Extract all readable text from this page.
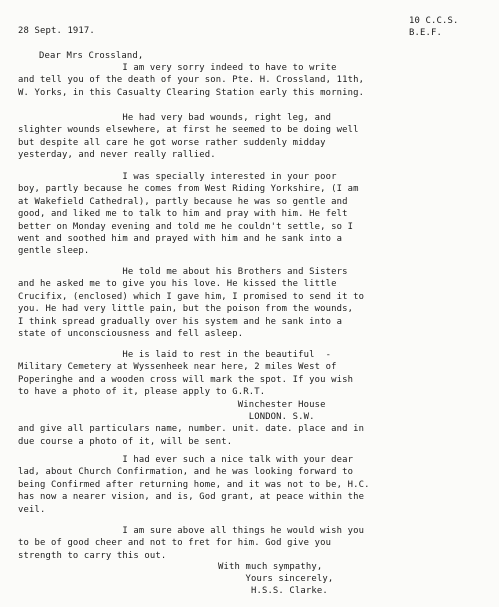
28 Sept. 1917.
10 C.C.S.
B.E.F.
Dear Mrs Crossland,
I am very sorry indeed to have to write
and tell you of the death of your son. Pte. H. Crossland, 11th,
W. Yorks, in this Casualty Clearing Station early this morning.
He had very bad wounds, right leg, and
slighter wounds elsewhere, at first he seemed to be doing well
but despite all care he got worse rather suddenly midday
yesterday, and never really rallied.
I was specially interested in your poor
boy, partly because he comes from West Riding Yorkshire, (I am
at Wakefield Cathedral), partly because he was so gentle and
good, and liked me to talk to him and pray with him. He felt
better on Monday evening and told me he couldn't settle, so I
went and soothed him and prayed with him and he sank into a
gentle sleep.
He told me about his Brothers and Sisters
and he asked me to give you his love. He kissed the little
Crucifix, (enclosed) which I gave him, I promised to send it to
you. He had very little pain, but the poison from the wounds,
I think spread gradually over his system and he sank into a
state of unconsciousness and fell asleep.
He is laid to rest in the beautiful  -
Military Cemetery at Wyssenheek near here, 2 miles West of
Poperinghe and a wooden cross will mark the spot. If you wish
to have a photo of it, please apply to G.R.T.
Winchester House
LONDON. S.W.
and give all particulars name, number. unit. date. place and in
due course a photo of it, will be sent.
I had ever such a nice talk with your dear
lad, about Church Confirmation, and he was looking forward to
being Confirmed after returning home, and it was not to be, H.C.
has now a nearer vision, and is, God grant, at peace within the
veil.
I am sure above all things he would wish you
to be of good cheer and not to fret for him. God give you
strength to carry this out.
With much sympathy,
Yours sincerely,
H.S.S. Clarke.
